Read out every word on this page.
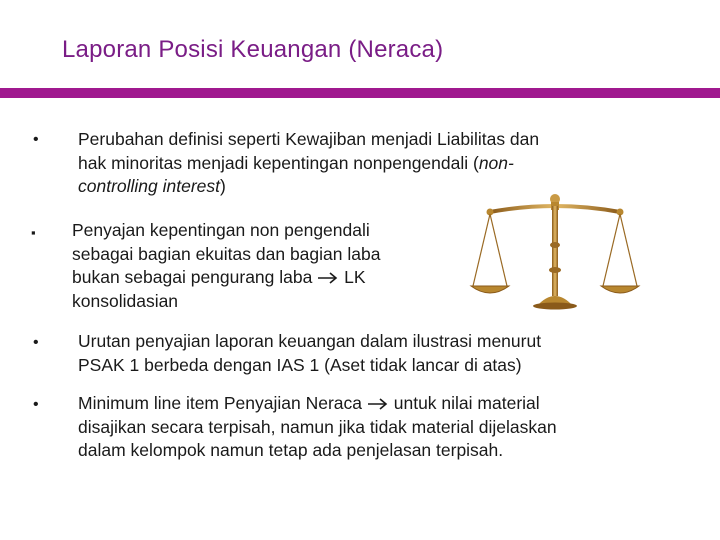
Laporan Posisi Keuangan (Neraca)
• Perubahan definisi seperti Kewajiban menjadi Liabilitas dan
hak minoritas menjadi kepentingan nonpengendali (non-
controlling interest)
▪ Penyajan kepentingan non pengendali
sebagai bagian ekuitas dan bagian laba
bukan sebagai pengurang laba LK
konsolidasian
• Urutan penyajian laporan keuangan dalam ilustrasi menurut
PSAK 1 berbeda dengan IAS 1 (Aset tidak lancar di atas)
• Minimum line item Penyajian Neraca untuk nilai material
disajikan secara terpisah, namun jika tidak material dijelaskan
dalam kelompok namun tetap ada penjelasan terpisah.
